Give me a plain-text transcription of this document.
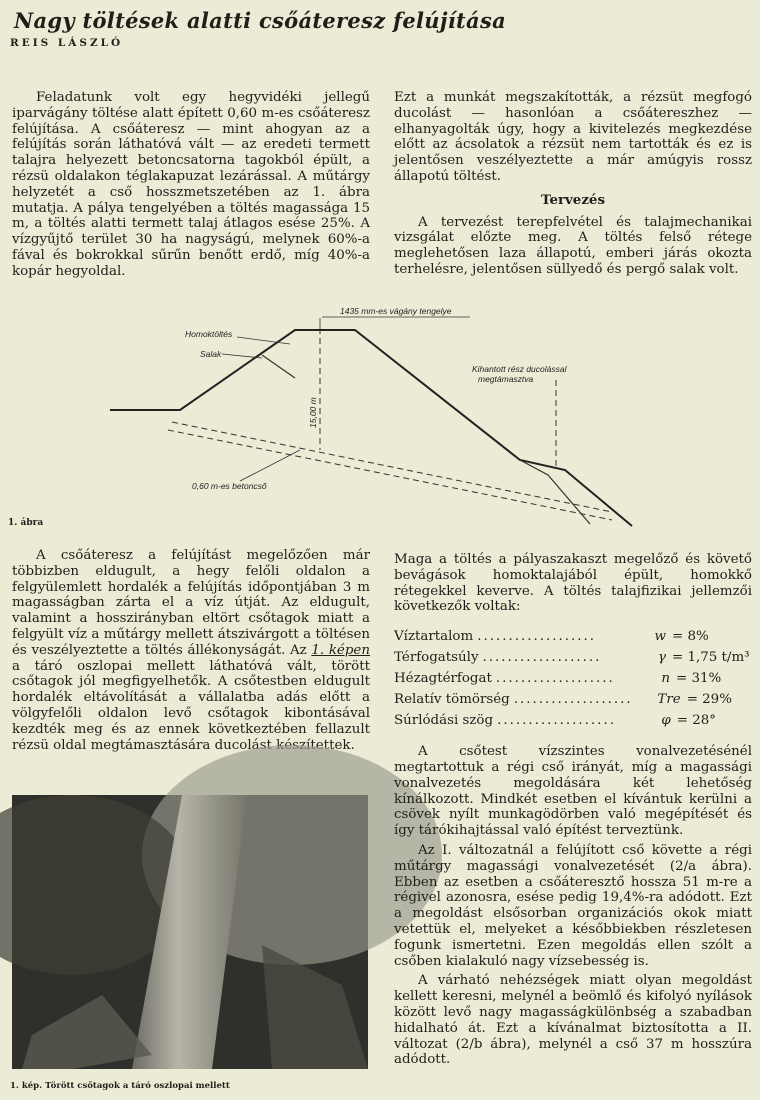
Nagy töltések alatti csőáteresz felújítása
REIS LÁSZLÓ

Feladatunk volt egy hegyvidéki jellegű iparvágány töltése alatt épített 0,60 m-es csőáteresz felújítása. A csőáteresz — mint ahogyan az a felújítás során láthatóvá vált — az eredeti termett talajra helyezett betoncsatorna tagokból épült, a rézsü oldalakon téglakapuzat lezárással. A műtárgy helyzetét a cső hosszmetszetében az 1. ábra mutatja. A pálya tengelyében a töltés magassága 15 m, a töltés alatti termett talaj átlagos esése 25%. A vízgyűjtő terület 30 ha nagyságú, melynek 60%-a fával és bokrokkal sűrűn benőtt erdő, míg 40%-a kopár hegyoldal.

Ezt a munkát megszakították, a rézsüt megfogó ducolást — hasonlóan a csőátereszhez — elhanyagolták úgy, hogy a kivitelezés megkezdése előtt az ácsolatok a rézsüt nem tartották és ez is jelentősen veszélyeztette a már amúgyis rossz állapotú töltést.

Tervezés

A tervezést terepfelvétel és talajmechanikai vizsgálat előzte meg. A töltés felső rétege meglehetősen laza állapotú, emberi járás okozta terhelésre, jelentősen süllyedő és pergő salak volt.

1435 mm-es vágány tengelye
Homoktöltés
Salak
15,00 m
Kihantott rész ducolással megtámasztva
0,60 m-es betoncső
1. ábra

A csőáteresz a felújítást megelőzően már többizben eldugult, a hegy felőli oldalon a felgyülemlett hordalék a felújítás időpontjában 3 m magasságban zárta el a víz útját. Az eldugult, valamint a hosszirányban eltört csőtagok miatt a felgyült víz a műtárgy mellett átszivárgott a töltésen és veszélyeztette a töltés állékonyságát. Az 1. képen a táró oszlopai mellett láthatóvá vált, törött csőtagok jól megfigyelhetők. A csőtestben eldugult hordalék eltávolítását a vállalatba adás előtt a völgyfelőli oldalon levő csőtagok kibontásával kezdték meg és az ennek következtében fellazult rézsü oldal megtámasztására ducolást készítettek.

1. kép. Törött csőtagok a táró oszlopai mellett

Maga a töltés a pályaszakaszt megelőző és követő bevágások homoktalajából épült, homokkő rétegekkel keverve. A töltés talajfizikai jellemzői következők voltak:

Víztartalom ...................	w = 8%
Térfogatsúly ...................	γ = 1,75 t/m³
Hézagtérfogat ...................	n = 31%
Relatív tömörség ...................	Tre = 29%
Súrlódási szög ...................	φ = 28°

A csőtest vízszintes vonalvezetésénél megtartottuk a régi cső irányát, míg a magassági vonalvezetés megoldására két lehetőség kínálkozott. Mindkét esetben el kívántuk kerülni a csövek nyílt munkagödörben való megépítését és így tárókihajtással való építést terveztünk.

Az I. változatnál a felújított cső követte a régi műtárgy magassági vonalvezetését (2/a ábra). Ebben az esetben a csőáteresztő hossza 51 m-re a régivel azonosra, esése pedig 19,4%-ra adódott. Ezt a megoldást elsősorban organizációs okok miatt vetettük el, melyeket a későbbiekben részletesen fogunk ismertetni. Ezen megoldás ellen szólt a csőben kialakuló nagy vízsebesség is.

A várható nehézségek miatt olyan megoldást kellett keresni, melynél a beömlő és kifolyó nyílások között levő nagy magasságkülönbség a szabadban hidalható át. Ezt a kívánalmat biztosította a II. változat (2/b ábra), melynél a cső 37 m hosszúra adódott.
